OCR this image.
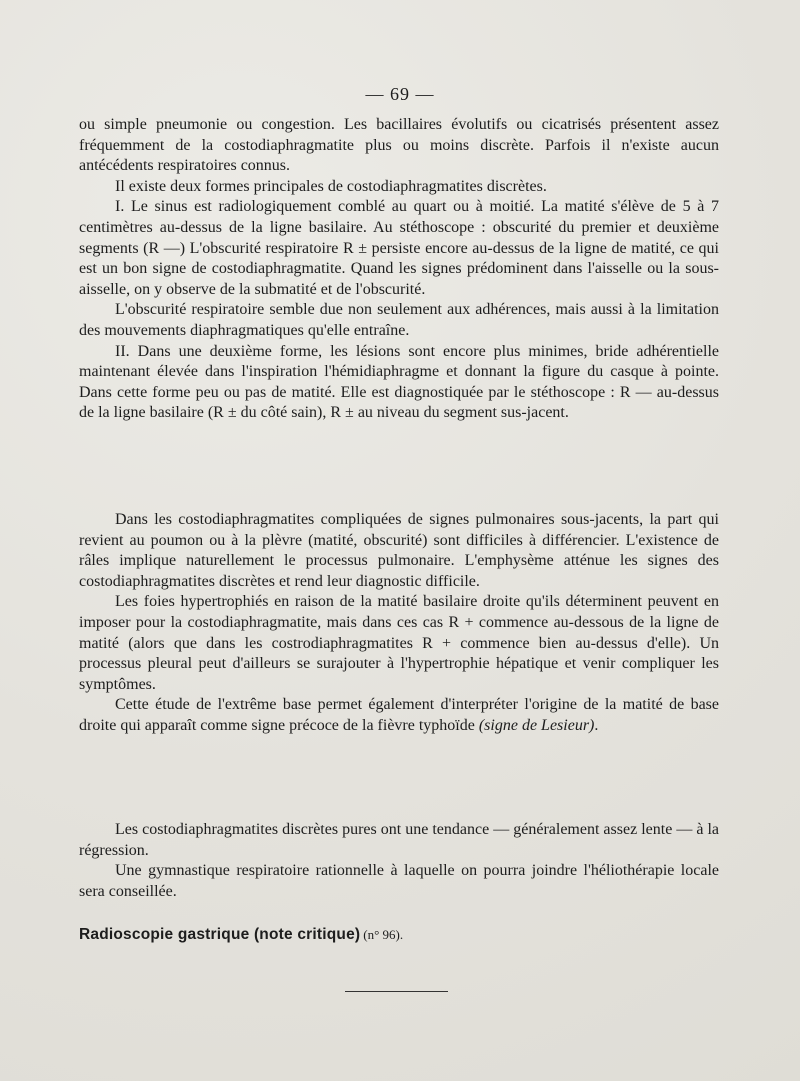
— 69 —

ou simple pneumonie ou congestion. Les bacillaires évolutifs ou cicatrisés présentent assez fréquemment de la costodiaphragmatite plus ou moins discrète. Parfois il n'existe aucun antécédents respiratoires connus.

Il existe deux formes principales de costodiaphragmatites discrètes.

I. Le sinus est radiologiquement comblé au quart ou à moitié. La matité s'élève de 5 à 7 centimètres au-dessus de la ligne basilaire. Au stéthoscope : obscurité du premier et deuxième segments (R —) L'obscurité respiratoire R ± persiste encore au-dessus de la ligne de matité, ce qui est un bon signe de costodiaphragmatite. Quand les signes prédominent dans l'aisselle ou la sous-aisselle, on y observe de la submatité et de l'obscurité.

L'obscurité respiratoire semble due non seulement aux adhérences, mais aussi à la limitation des mouvements diaphragmatiques qu'elle entraîne.

II. Dans une deuxième forme, les lésions sont encore plus minimes, bride adhérentielle maintenant élevée dans l'inspiration l'hémidiaphragme et donnant la figure du casque à pointe. Dans cette forme peu ou pas de matité. Elle est diagnostiquée par le stéthoscope : R — au-dessus de la ligne basilaire (R ± du côté sain), R ± au niveau du segment sus-jacent.

Dans les costodiaphragmatites compliquées de signes pulmonaires sous-jacents, la part qui revient au poumon ou à la plèvre (matité, obscurité) sont difficiles à différencier. L'existence de râles implique naturellement le processus pulmonaire. L'emphysème atténue les signes des costodiaphragmatites discrètes et rend leur diagnostic difficile.

Les foies hypertrophiés en raison de la matité basilaire droite qu'ils déterminent peuvent en imposer pour la costodiaphragmatite, mais dans ces cas R + commence au-dessous de la ligne de matité (alors que dans les costrodiaphragmatites R + commence bien au-dessus d'elle). Un processus pleural peut d'ailleurs se surajouter à l'hypertrophie hépatique et venir compliquer les symptômes.

Cette étude de l'extrême base permet également d'interpréter l'origine de la matité de base droite qui apparaît comme signe précoce de la fièvre typhoïde (signe de Lesieur).

Les costodiaphragmatites discrètes pures ont une tendance — généralement assez lente — à la régression.

Une gymnastique respiratoire rationnelle à laquelle on pourra joindre l'héliothérapie locale sera conseillée.

Radioscopie gastrique (note critique) (n° 96).
